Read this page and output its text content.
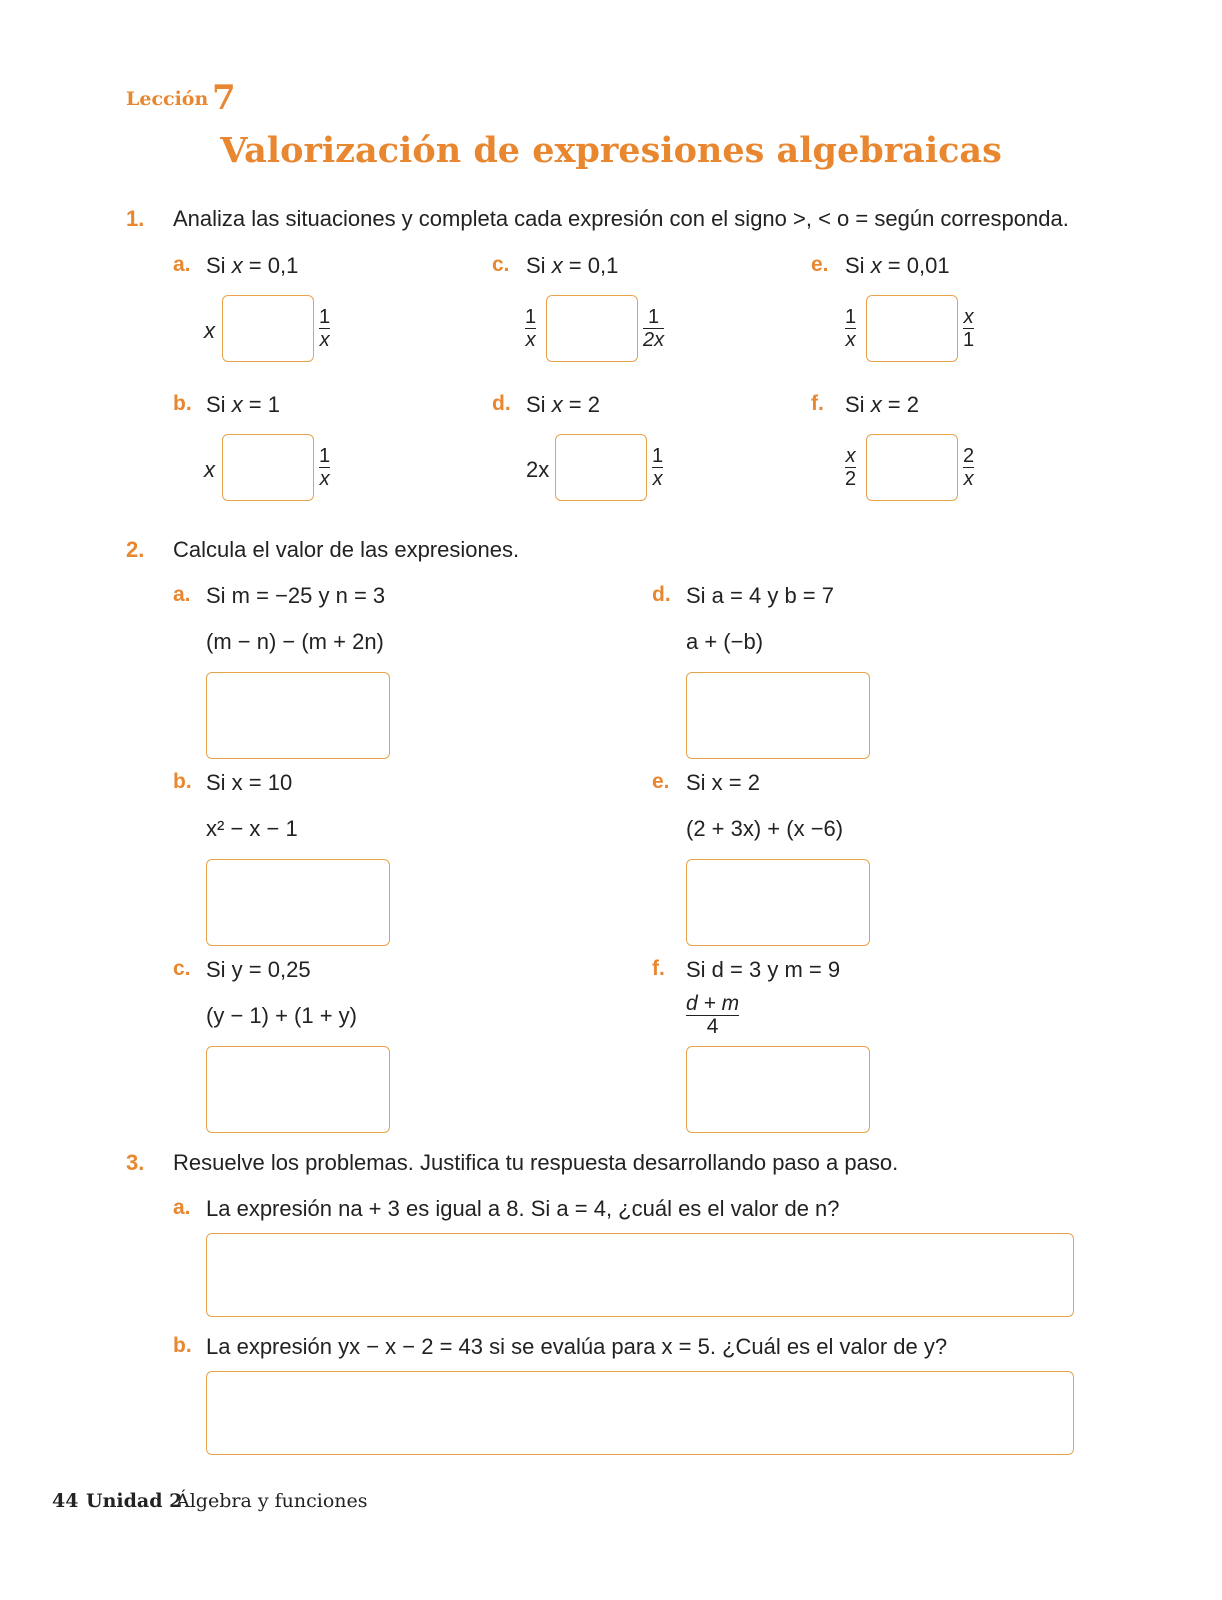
Lección 7
Valorización de expresiones algebraicas
1. Analiza las situaciones y completa cada expresión con el signo >, < o = según corresponda.
a. Si x = 0,1
x
1
x
b. Si x = 1
x
1
x
c. Si x = 0,1
1
x
1
2x
d. Si x = 2
2x
1
x
e. Si x = 0,01
1
x
x
1
f. Si x = 2
x
2
2
x
2. Calcula el valor de las expresiones.
a. Si m = −25 y n = 3
(m − n) − (m + 2n)
b. Si x = 10
x² − x − 1
c. Si y = 0,25
(y − 1) + (1 + y)
d. Si a = 4 y b = 7
a + (−b)
e. Si x = 2
(2 + 3x) + (x −6)
f. Si d = 3 y m = 9
d + m
4
3. Resuelve los problemas. Justifica tu respuesta desarrollando paso a paso.
a. La expresión na + 3 es igual a 8. Si a = 4, ¿cuál es el valor de n?
b. La expresión yx − x − 2 = 43 si se evalúa para x = 5. ¿Cuál es el valor de y?
44 Unidad 2
Álgebra y funciones
